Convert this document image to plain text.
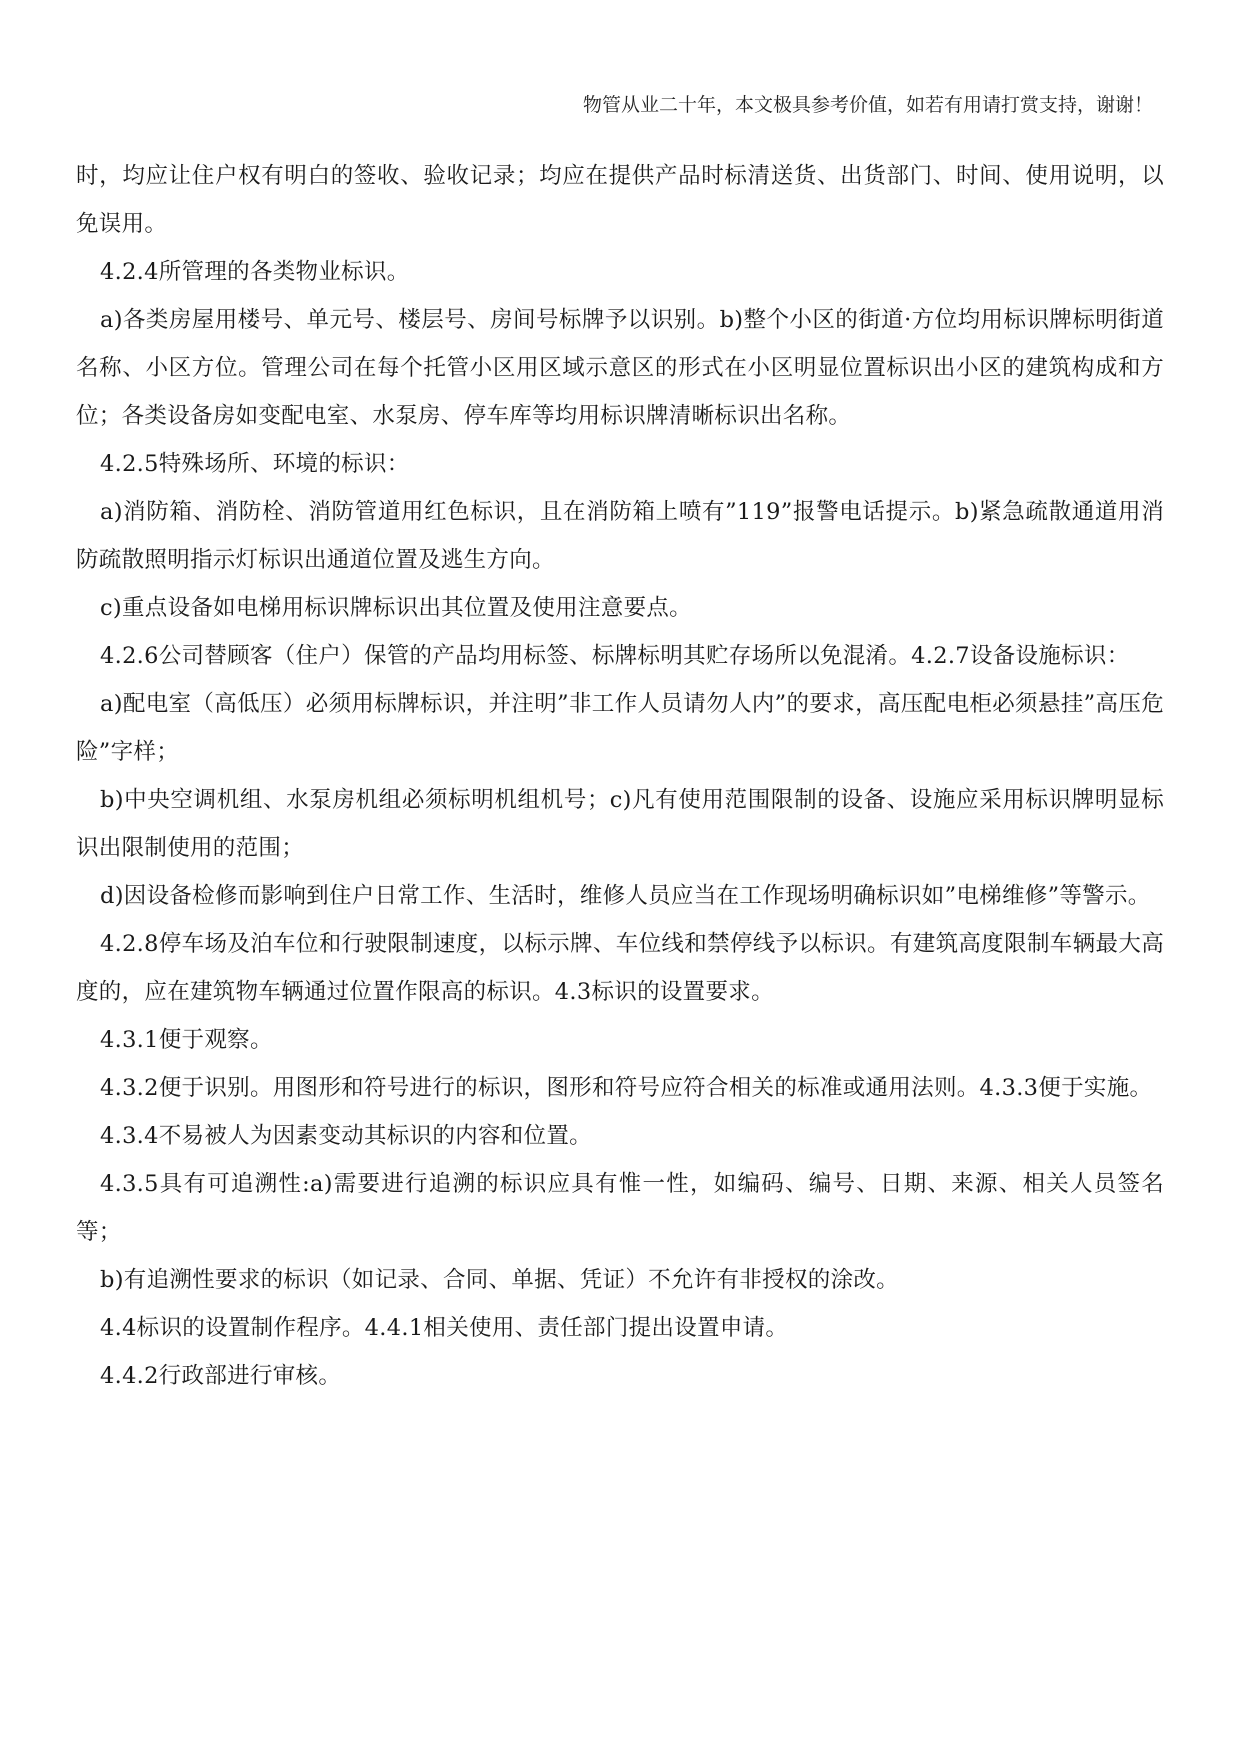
物管从业二十年，本文极具参考价值，如若有用请打赏支持，谢谢！

时，均应让住户权有明白的签收、验收记录；均应在提供产品时标清送货、出货部门、时间、使用说明，以免误用。

4.2.4所管理的各类物业标识。

a)各类房屋用楼号、单元号、楼层号、房间号标牌予以识别。b)整个小区的街道·方位均用标识牌标明街道名称、小区方位。管理公司在每个托管小区用区域示意区的形式在小区明显位置标识出小区的建筑构成和方位；各类设备房如变配电室、水泵房、停车库等均用标识牌清晰标识出名称。

4.2.5特殊场所、环境的标识：

a)消防箱、消防栓、消防管道用红色标识，且在消防箱上喷有”119”报警电话提示。b)紧急疏散通道用消防疏散照明指示灯标识出通道位置及逃生方向。

c)重点设备如电梯用标识牌标识出其位置及使用注意要点。

4.2.6公司替顾客（住户）保管的产品均用标签、标牌标明其贮存场所以免混淆。4.2.7设备设施标识：

a)配电室（高低压）必须用标牌标识，并注明”非工作人员请勿人内”的要求，高压配电柜必须悬挂”高压危险”字样；

b)中央空调机组、水泵房机组必须标明机组机号；c)凡有使用范围限制的设备、设施应采用标识牌明显标识出限制使用的范围；

d)因设备检修而影响到住户日常工作、生活时，维修人员应当在工作现场明确标识如”电梯维修”等警示。

4.2.8停车场及泊车位和行驶限制速度，以标示牌、车位线和禁停线予以标识。有建筑高度限制车辆最大高度的，应在建筑物车辆通过位置作限高的标识。4.3标识的设置要求。

4.3.1便于观察。

4.3.2便于识别。用图形和符号进行的标识，图形和符号应符合相关的标准或通用法则。4.3.3便于实施。

4.3.4不易被人为因素变动其标识的内容和位置。

4.3.5具有可追溯性:a)需要进行追溯的标识应具有惟一性，如编码、编号、日期、来源、相关人员签名等；

b)有追溯性要求的标识（如记录、合同、单据、凭证）不允许有非授权的涂改。

4.4标识的设置制作程序。4.4.1相关使用、责任部门提出设置申请。

4.4.2行政部进行审核。
